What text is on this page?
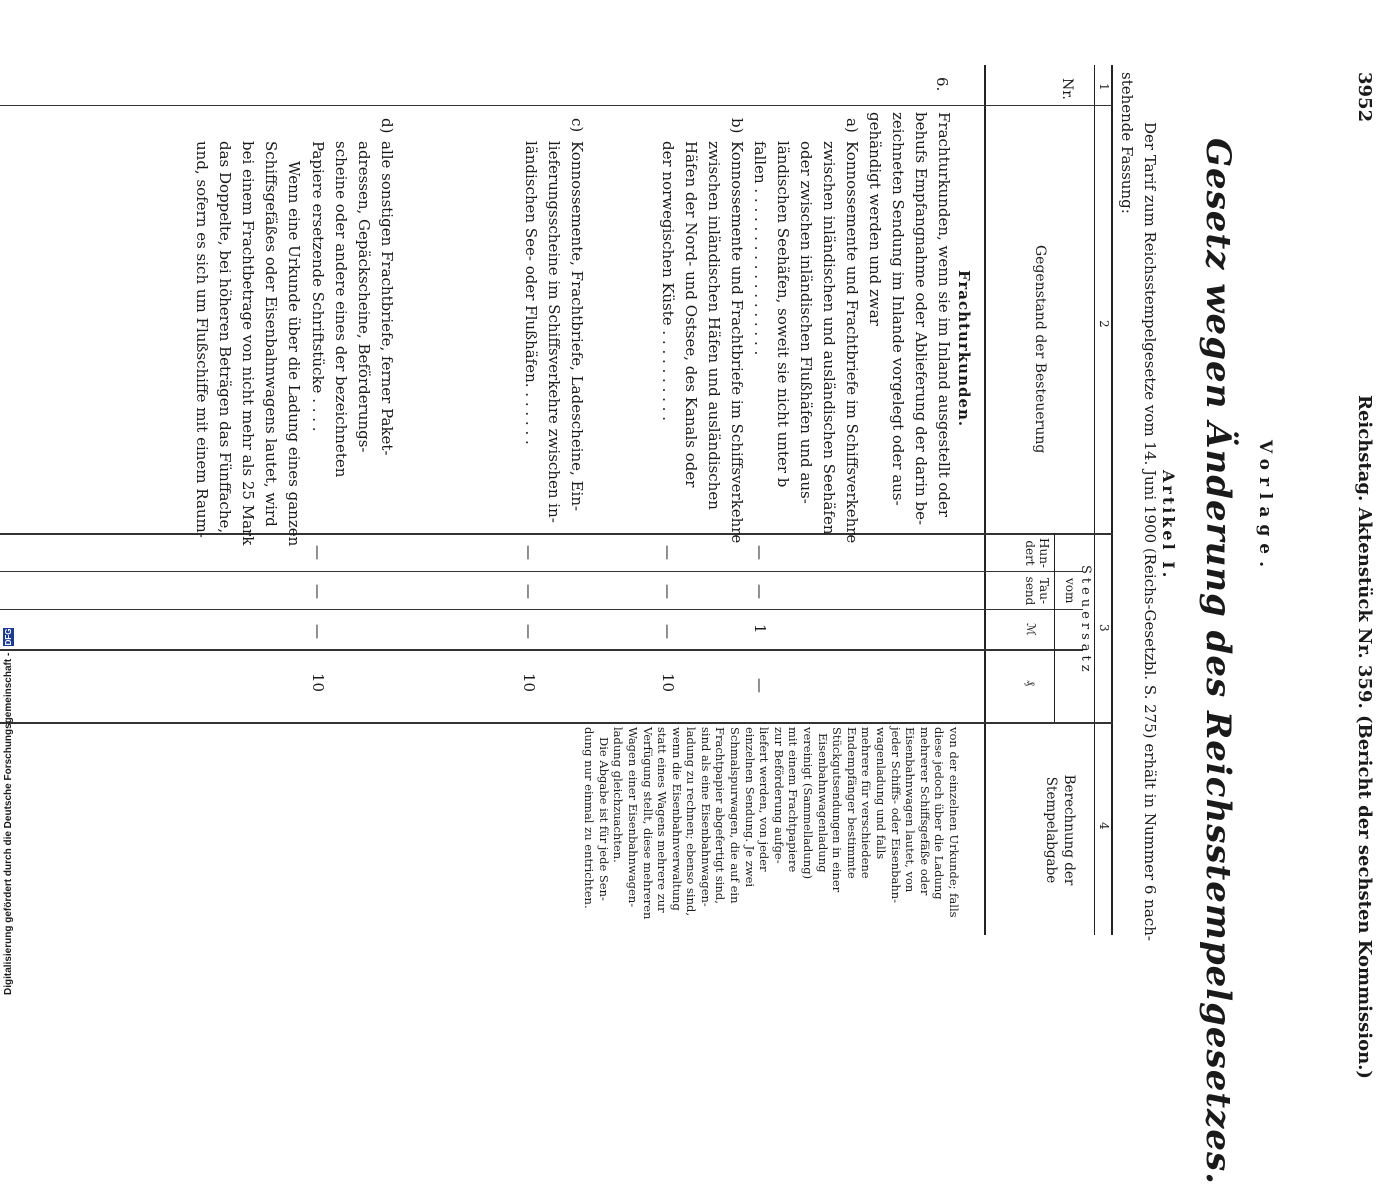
3952
Reichstag. Aktenstück Nr. 359. (Bericht der sechsten Kommission.)
Vorlage.
Gesetz wegen Änderung des Reichsstempelgesetzes.
Artikel I.
Der Tarif zum Reichsstempelgesetze vom 14. Juni 1900 (Reichs-Gesetzbl. S. 275) erhält in Nummer 6 nach-
stehende Fassung:
1
2
3
4
Nr.
Gegenstand der Besteuerung
Steuersatz
vom
Hun- dert
Tau- send
ℳ
₰
Berechnung der Stempelabgabe
Frachturkunden.
6.
Frachturkunden, wenn sie im Inland ausgestellt oder
behufs Empfangnahme oder Ablieferung der darin be-
zeichneten Sendung im Inlande vorgelegt oder aus-
gehändigt werden und zwar
a)
Konnossemente und Frachtbriefe im Schiffsverkehre
zwischen inländischen und ausländischen Seehäfen
oder zwischen inländischen Flußhäfen und aus-
ländischen Seehäfen, soweit sie nicht unter b
fallen . . . . . . . . . . . . . . . . . .
—
—
1
—
b)
Konnossemente und Frachtbriefe im Schiffsverkehre
zwischen inländischen Häfen und ausländischen
Häfen der Nord- und Ostsee, des Kanals oder
der norwegischen Küste . . . . . . . . . .
—
—
—
10
c)
Konnossemente, Frachtbriefe, Ladescheine, Ein-
lieferungsscheine im Schiffsverkehre zwischen in-
ländischen See- oder Flußhäfen. . . . . . .
—
—
—
10
d)
alle sonstigen Frachtbriefe, ferner Paket-
adressen, Gepäckscheine, Beförderungs-
scheine oder andere eines der bezeichneten
Papiere ersetzende Schriftstücke . . . .
—
—
—
10
Wenn eine Urkunde über die Ladung eines ganzen
Schiffsgefäßes oder Eisenbahnwagens lautet, wird
bei einem Frachtbetrage von nicht mehr als 25 Mark
das Doppelte, bei höheren Beträgen das Fünffache,
und, sofern es sich um Flußschiffe mit einem Raum-
von der einzelnen Urkunde; falls
diese jedoch über die Ladung
mehrerer Schiffsgefäße oder
Eisenbahnwagen lautet, von
jeder Schiffs- oder Eisenbahn-
wagenladung und falls
mehrere für verschiedene
Endempfänger bestimmte
Stückgutsendungen in einer
Eisenbahnwagenladung
vereinigt (Sammelladung)
mit einem Frachtpapiere
zur Beförderung aufge-
liefert werden, von jeder
einzelnen Sendung. Je zwei
Schmalspurwagen, die auf ein
Frachtpapier abgefertigt sind,
sind als eine Eisenbahnwagen-
ladung zu rechnen; ebenso sind,
wenn die Eisenbahnverwaltung
statt eines Wagens mehrere zur
Verfügung stellt, diese mehreren
Wagen einer Eisenbahnwagen-
ladung gleichzuachten.
Die Abgabe ist für jede Sen-
dung nur einmal zu entrichten.
Digitalisierung gefördert durch die Deutsche Forschungsgemeinschaft - DFG
